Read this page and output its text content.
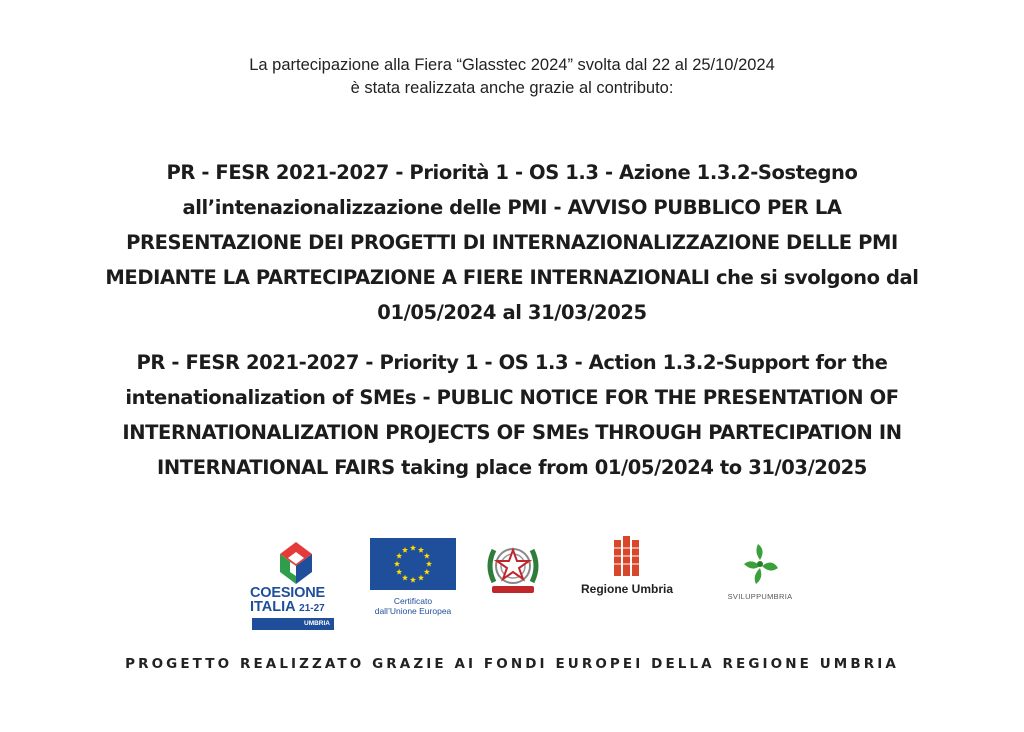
La partecipazione alla Fiera “Glasstec 2024” svolta dal 22 al 25/10/2024
è stata realizzata anche grazie al contributo:
PR - FESR 2021-2027 - Priorità 1 - OS 1.3 - Azione 1.3.2-Sostegno
all’intenazionalizzazione delle PMI - AVVISO PUBBLICO PER LA
PRESENTAZIONE DEI PROGETTI DI INTERNAZIONALIZZAZIONE DELLE PMI
MEDIANTE LA PARTECIPAZIONE A FIERE INTERNAZIONALI che si svolgono dal
01/05/2024 al 31/03/2025
PR - FESR 2021-2027 - Priority 1 - OS 1.3 - Action 1.3.2-Support for the
intenationalization of SMEs - PUBLIC NOTICE FOR THE PRESENTATION OF
INTERNATIONALIZATION PROJECTS OF SMEs THROUGH PARTECIPATION IN
INTERNATIONAL FAIRS taking place from 01/05/2024 to 31/03/2025
COESIONE
ITALIA 21-27
UMBRIA
Certificato
dall’Unione Europea
Regione Umbria
SVILUPPUMBRIA
PROGETTO REALIZZATO GRAZIE AI FONDI EUROPEI DELLA REGIONE UMBRIA
